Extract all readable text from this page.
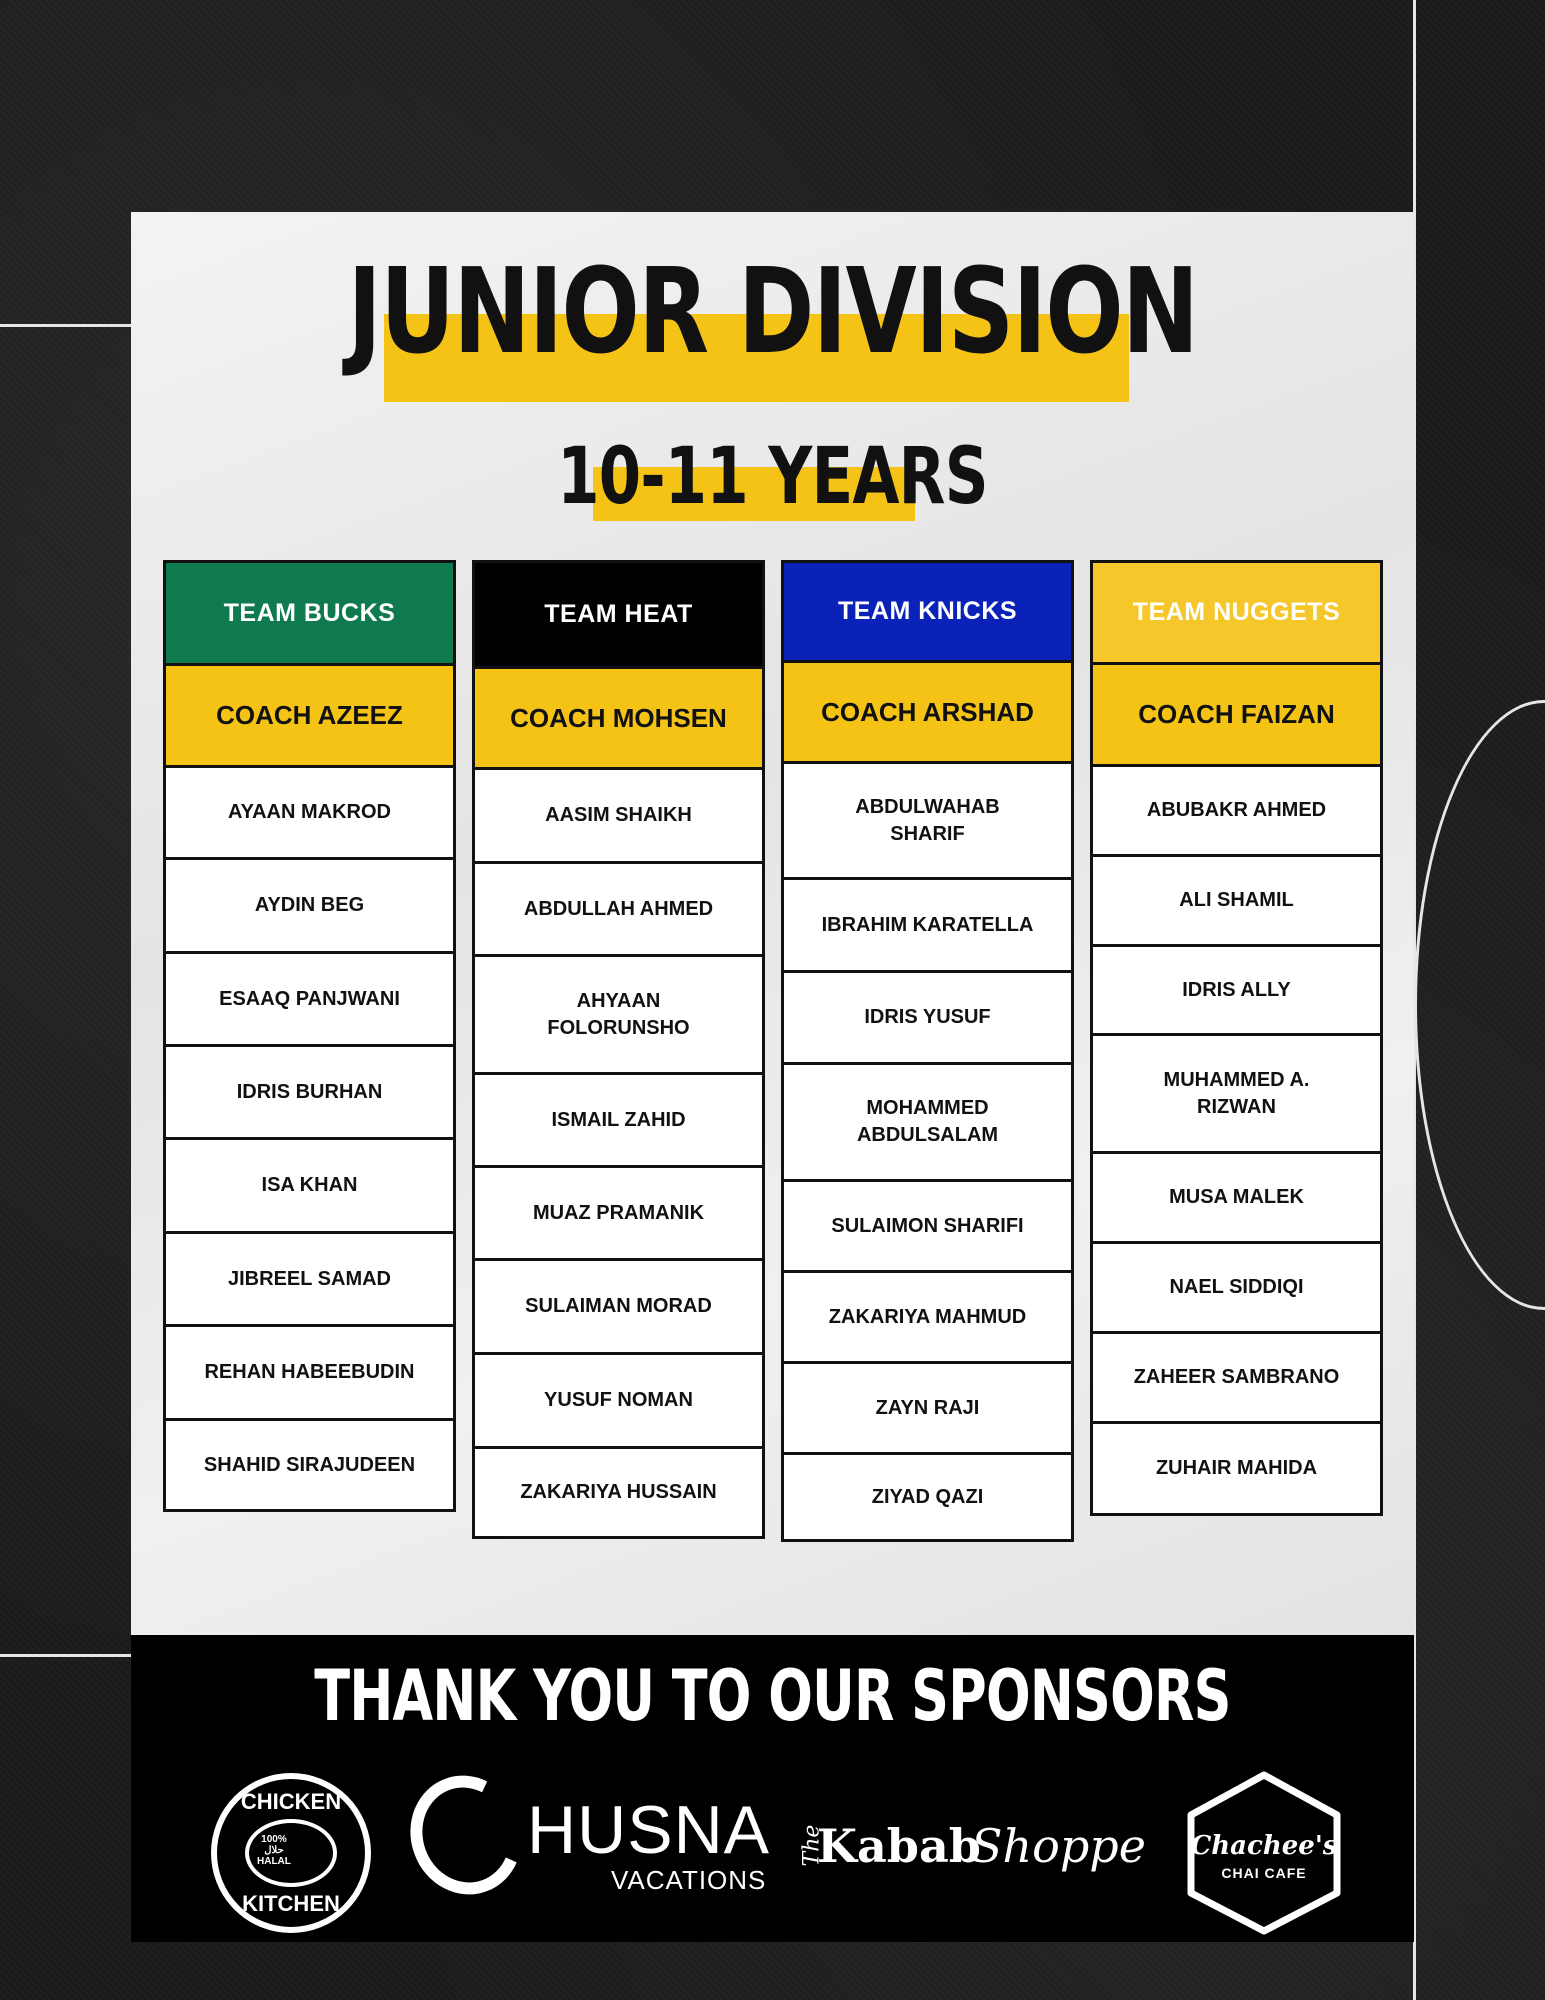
JUNIOR DIVISION
10-11 YEARS
TEAM BUCKS
COACH AZEEZ
AYAAN MAKROD
AYDIN BEG
ESAAQ PANJWANI
IDRIS BURHAN
ISA KHAN
JIBREEL SAMAD
REHAN HABEEBUDIN
SHAHID SIRAJUDEEN
TEAM HEAT
COACH MOHSEN
AASIM SHAIKH
ABDULLAH AHMED
AHYAAN FOLORUNSHO
ISMAIL ZAHID
MUAZ PRAMANIK
SULAIMAN MORAD
YUSUF NOMAN
ZAKARIYA HUSSAIN
TEAM KNICKS
COACH ARSHAD
ABDULWAHAB SHARIF
IBRAHIM KARATELLA
IDRIS YUSUF
MOHAMMED ABDULSALAM
SULAIMON SHARIFI
ZAKARIYA MAHMUD
ZAYN RAJI
ZIYAD QAZI
TEAM NUGGETS
COACH FAIZAN
ABUBAKR AHMED
ALI SHAMIL
IDRIS ALLY
MUHAMMED A. RIZWAN
MUSA MALEK
NAEL SIDDIQI
ZAHEER SAMBRANO
ZUHAIR MAHIDA
THANK YOU TO OUR SPONSORS
CHICKEN
100%
حلال
HALAL
KITCHEN
HUSNA
VACATIONS
The
Kabab
Shoppe	Chachee's
CHAI CAFE
